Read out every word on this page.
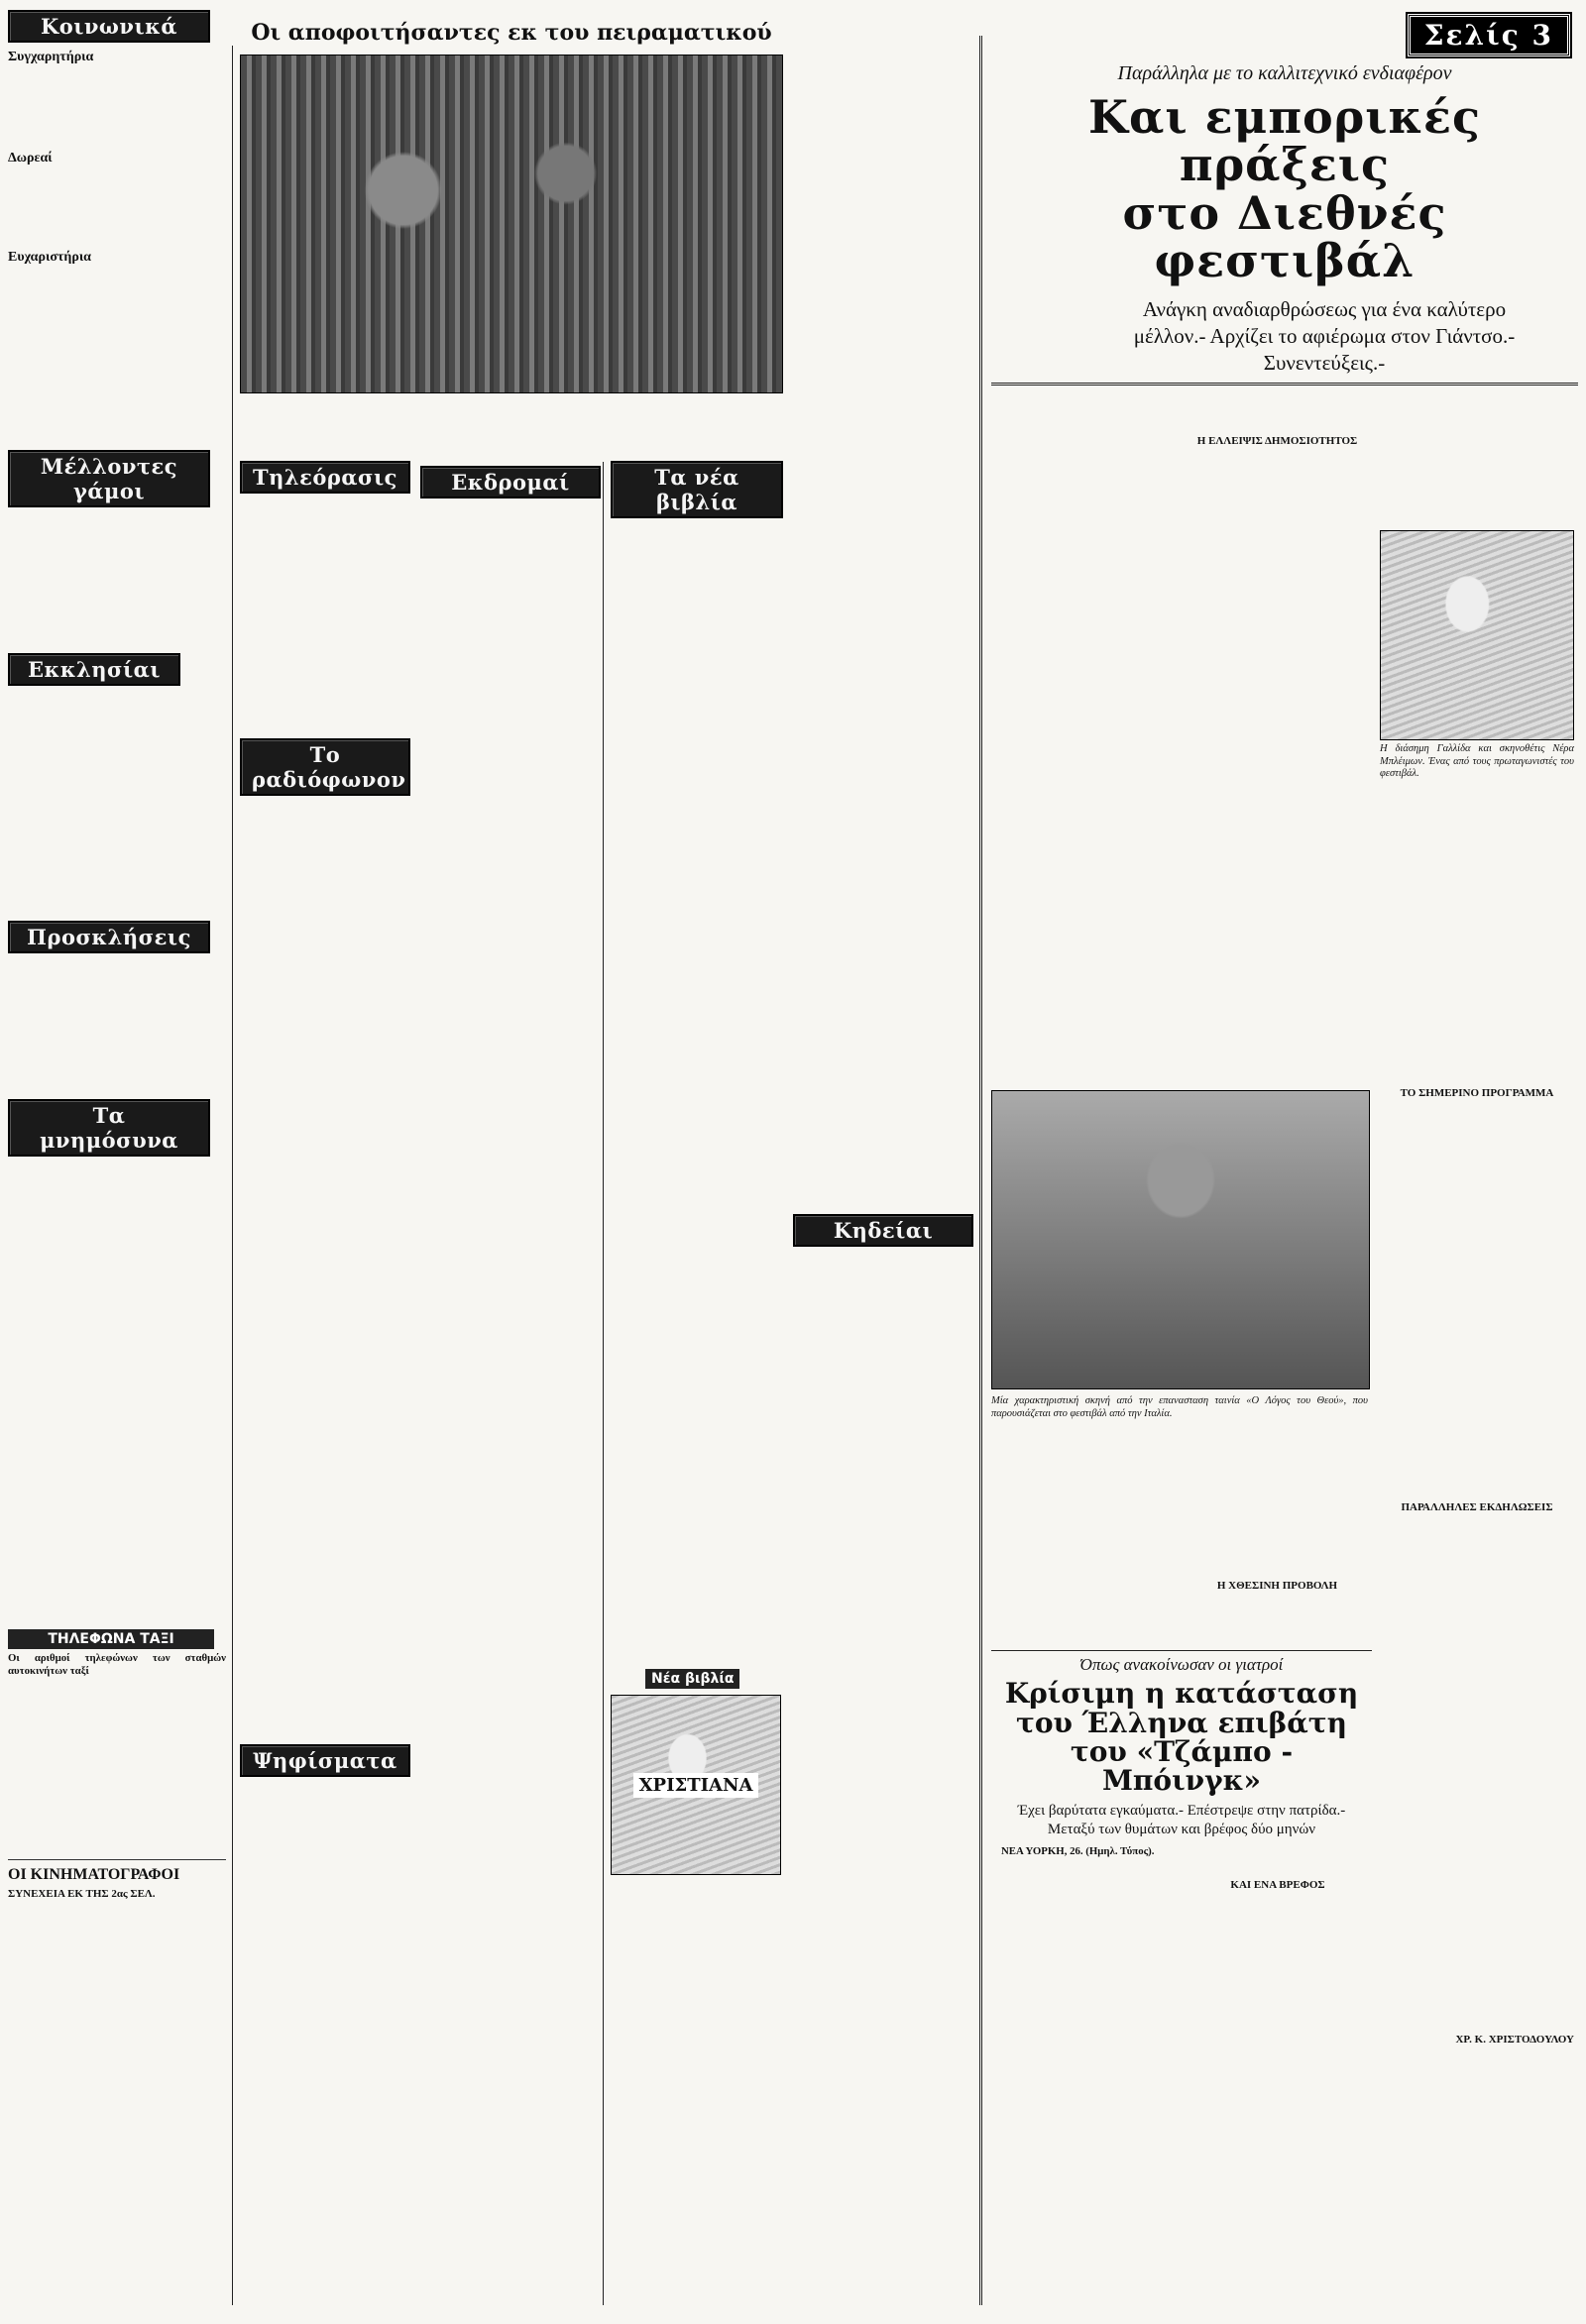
Κοινωνικά
Συγχαρητήρια
Δωρεαί
Ευχαριστήρια
Μέλλοντες γάμοι
Εκκλησίαι
Προσκλήσεις
Τα μνημόσυνα
ΤΗΛΕΦΩΝΑ ΤΑΞΙ
Οι αριθμοί τηλεφώνων των σταθμών αυτοκινήτων ταξί
ΟΙ ΚΙΝΗΜΑΤΟΓΡΑΦΟΙ
ΣΥΝΕΧΕΙΑ ΕΚ ΤΗΣ 2ας ΣΕΛ.
Οι αποφοιτήσαντες εκ του πειραματικού
Τηλεόρασις
Το ραδιόφωνον
Ψηφίσματα
Εκδρομαί	Τα νέα βιβλία
Νέα βιβλία
ΧΡΙΣΤΙΑΝΑ
Κηδείαι
Σελίς 3
Παράλληλα με το καλλιτεχνικό ενδιαφέρον
Και εμπορικές πράξεις
στο Διεθνές φεστιβάλ
Ανάγκη αναδιαρθρώσεως για ένα καλύτερο μέλλον.- Αρχίζει το αφιέρωμα στον Γιάντσο.- Συνεντεύξεις.-
Η ΕΛΛΕΙΨΙΣ ΔΗΜΟΣΙΟΤΗΤΟΣ
Η διάσημη Γαλλίδα και σκηνοθέτις Νέρα Μπλέιμων. Ένας από τους πρωταγωνιστές του φεστιβάλ.
ΤΟ ΣΗΜΕΡΙΝΟ ΠΡΟΓΡΑΜΜΑ
ΠΑΡΑΛΛΗΛΕΣ ΕΚΔΗΛΩΣΕΙΣ
ΧΡ. Κ. ΧΡΙΣΤΟΔΟΥΛΟΥ
Μία χαρακτηριστική σκηνή από την επανασταση ταινία «Ο Λόγος του Θεού», που παρουσιάζεται στο φεστιβάλ από την Ιταλία.
Η ΧΘΕΣΙΝΗ ΠΡΟΒΟΛΗ
Όπως ανακοίνωσαν οι γιατροί
Κρίσιμη η κατάσταση
του Έλληνα επιβάτη
του «Τζάμπο - Μπόινγκ»
Έχει βαρύτατα εγκαύματα.- Επέστρεψε στην πατρίδα.- Μεταξύ των θυμάτων και βρέφος δύο μηνών
ΝΕΑ ΥΟΡΚΗ, 26. (Ημηλ. Τύπος).
ΚΑΙ ΕΝΑ ΒΡΕΦΟΣ
